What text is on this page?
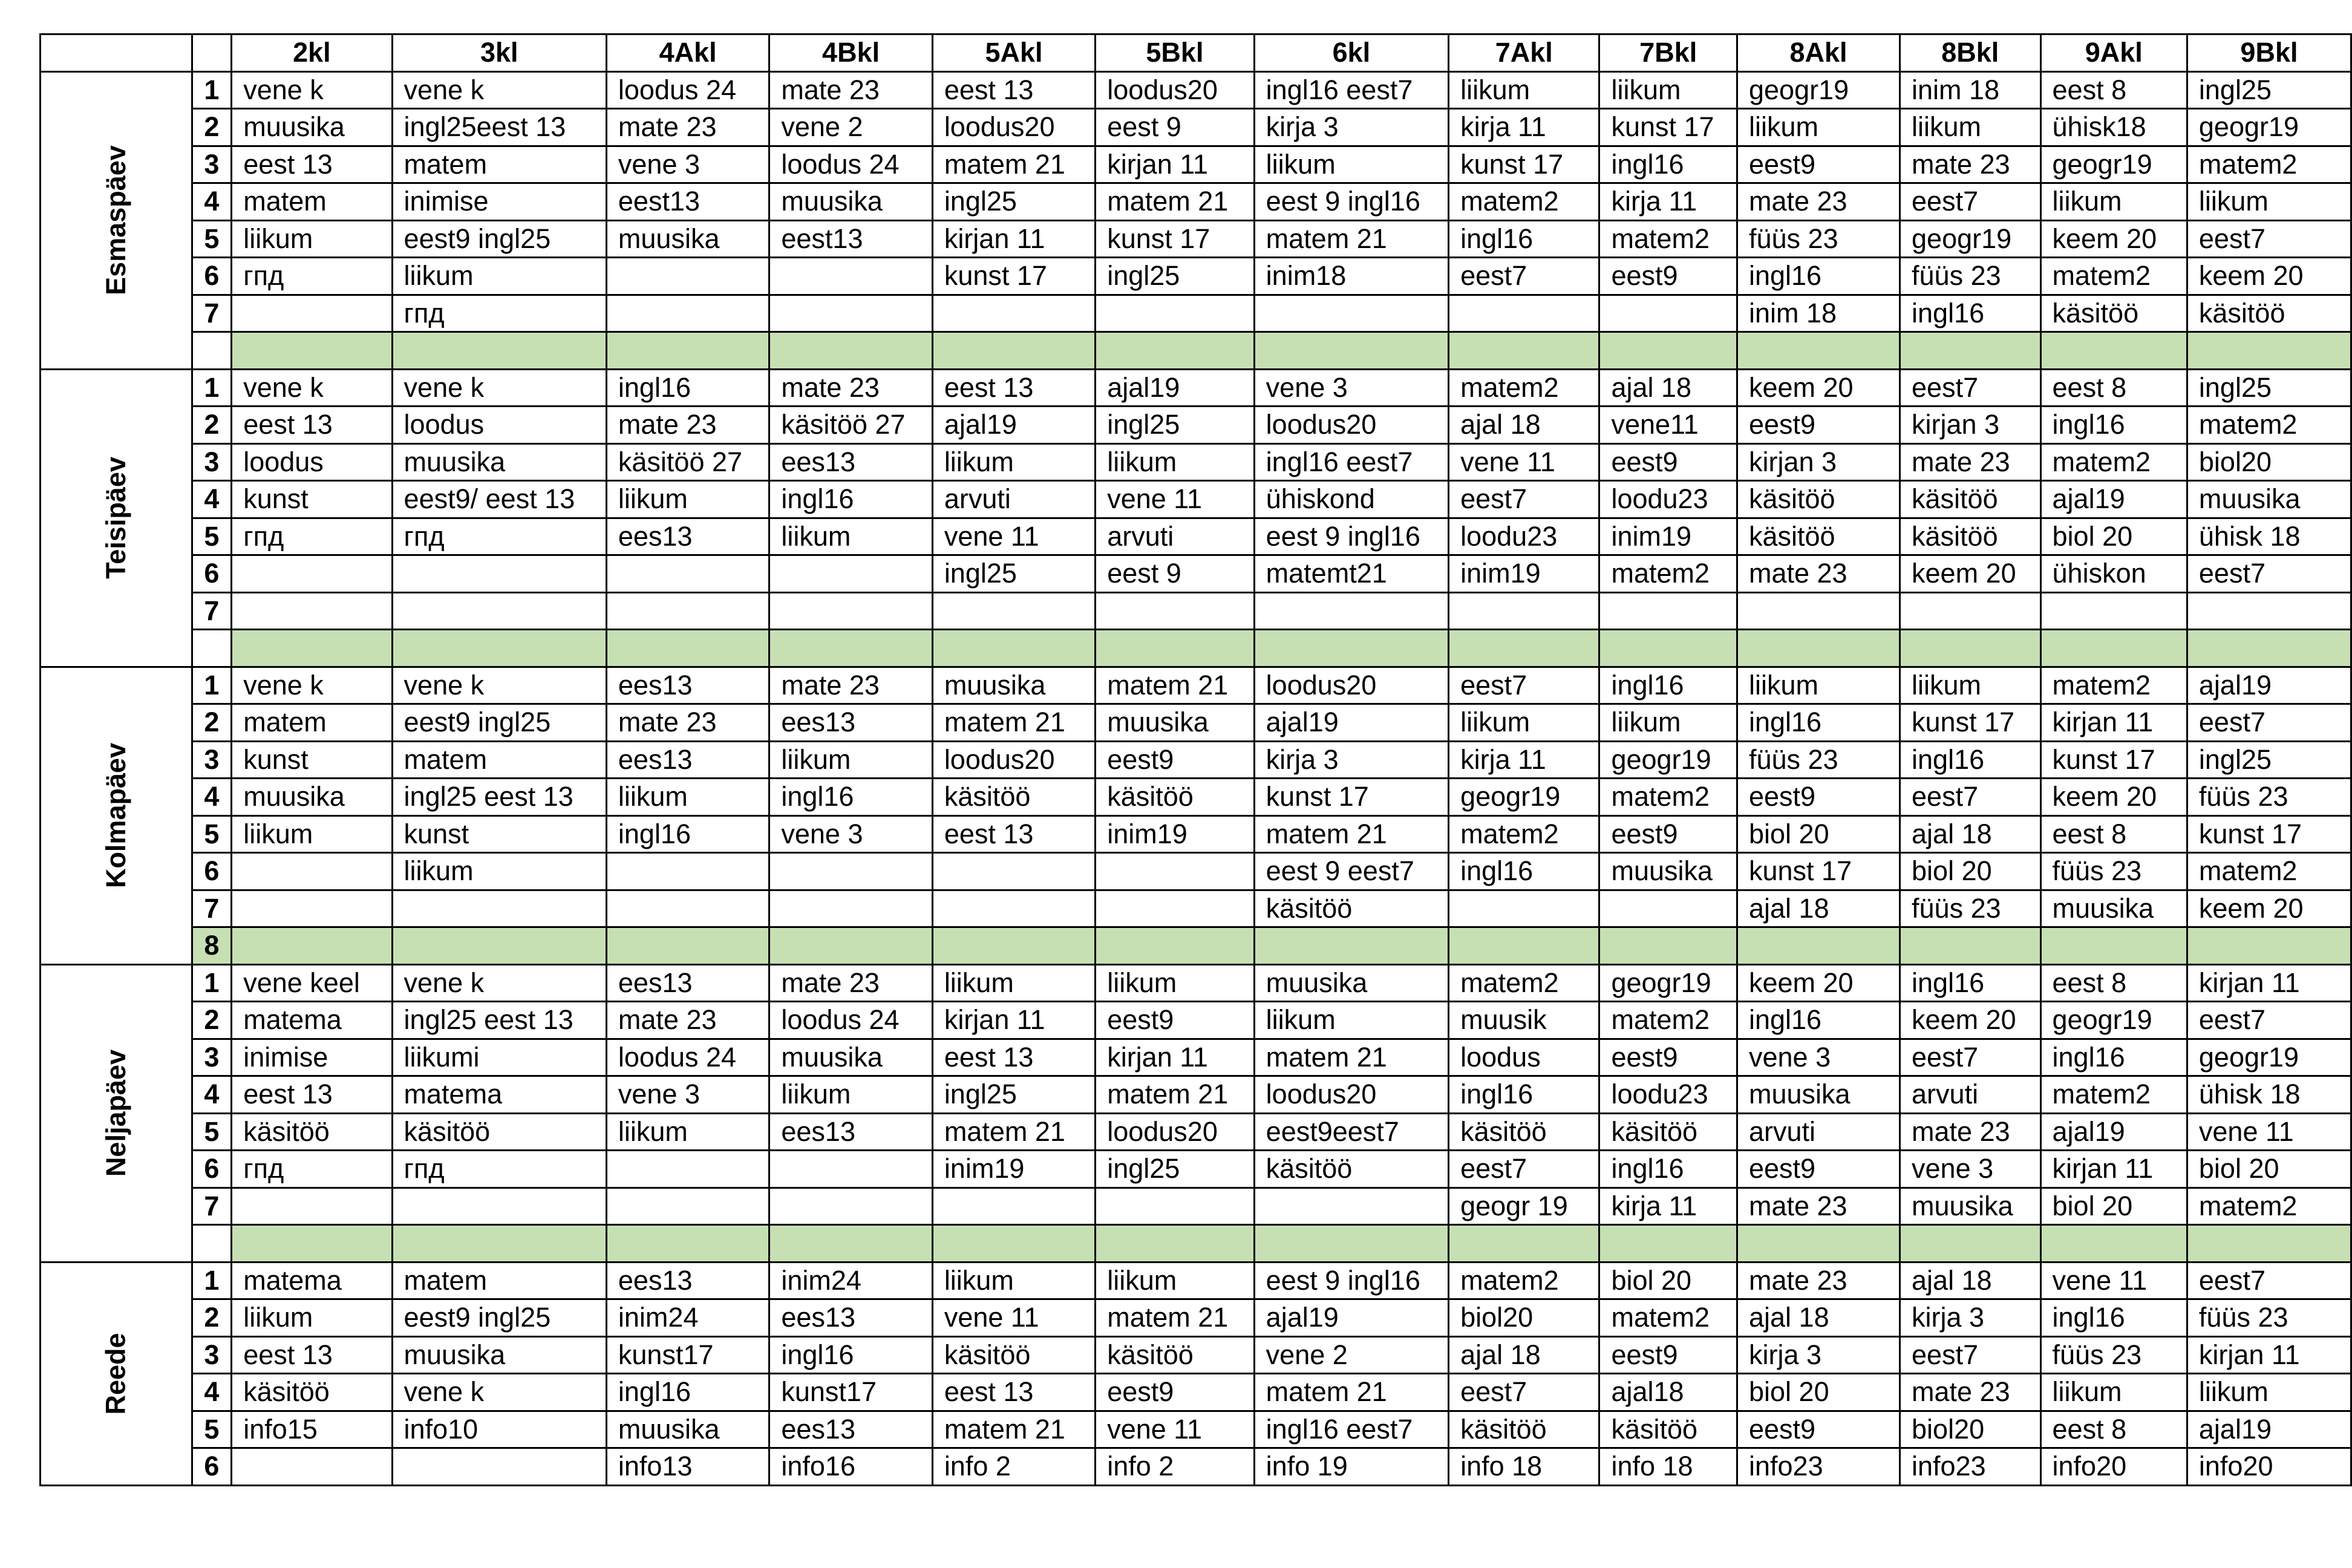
		2kl	3kl	4Akl	4Bkl	5Akl	5Bkl	6kl	7Akl	7Bkl	8Akl	8Bkl	9Akl	9Bkl
Esmaspäev	1	vene k	vene k	loodus 24	mate 23	eest 13	loodus20	ingl16 eest7	liikum	liikum	geogr19	inim 18	eest 8	ingl25
	2	muusika	ingl25eest 13	mate 23	vene 2	loodus20	eest 9	kirja 3	kirja 11	kunst 17	liikum	liikum	ühisk18	geogr19
	3	eest 13	matem	vene 3	loodus 24	matem 21	kirjan 11	liikum	kunst 17	ingl16	eest9	mate 23	geogr19	matem2
	4	matem	inimise	eest13	muusika	ingl25	matem 21	eest 9 ingl16	matem2	kirja 11	mate 23	eest7	liikum	liikum
	5	liikum	eest9 ingl25	muusika	eest13	kirjan 11	kunst 17	matem 21	ingl16	matem2	füüs 23	geogr19	keem 20	eest7
	6	гпд	liikum			kunst 17	ingl25	inim18	eest7	eest9	ingl16	füüs 23	matem2	keem 20
	7		гпд								inim 18	ingl16	käsitöö	käsitöö

Teisipäev	1	vene k	vene k	ingl16	mate 23	eest 13	ajal19	vene 3	matem2	ajal 18	keem 20	eest7	eest 8	ingl25
	2	eest 13	loodus	mate 23	käsitöö 27	ajal19	ingl25	loodus20	ajal 18	vene11	eest9	kirjan 3	ingl16	matem2
	3	loodus	muusika	käsitöö 27	ees13	liikum	liikum	ingl16 eest7	vene 11	eest9	kirjan 3	mate 23	matem2	biol20
	4	kunst	eest9/ eest 13	liikum	ingl16	arvuti	vene 11	ühiskond	eest7	loodu23	käsitöö	käsitöö	ajal19	muusika
	5	гпд	гпд	ees13	liikum	vene 11	arvuti	eest 9 ingl16	loodu23	inim19	käsitöö	käsitöö	biol 20	ühisk 18
	6					ingl25	eest 9	matemt21	inim19	matem2	mate 23	keem 20	ühiskon	eest7
	7													

Kolmapäev	1	vene k	vene k	ees13	mate 23	muusika	matem 21	loodus20	eest7	ingl16	liikum	liikum	matem2	ajal19
	2	matem	eest9 ingl25	mate 23	ees13	matem 21	muusika	ajal19	liikum	liikum	ingl16	kunst 17	kirjan 11	eest7
	3	kunst	matem	ees13	liikum	loodus20	eest9	kirja 3	kirja 11	geogr19	füüs 23	ingl16	kunst 17	ingl25
	4	muusika	ingl25 eest 13	liikum	ingl16	käsitöö	käsitöö	kunst 17	geogr19	matem2	eest9	eest7	keem 20	füüs 23
	5	liikum	kunst	ingl16	vene 3	eest 13	inim19	matem 21	matem2	eest9	biol 20	ajal 18	eest 8	kunst 17
	6		liikum					eest 9 eest7	ingl16	muusika	kunst 17	biol 20	füüs 23	matem2
	7							käsitöö			ajal 18	füüs 23	muusika	keem 20
	8													
Neljapäev	1	vene keel	vene k	ees13	mate 23	liikum	liikum	muusika	matem2	geogr19	keem 20	ingl16	eest 8	kirjan 11
	2	matema	ingl25 eest 13	mate 23	loodus 24	kirjan 11	eest9	liikum	muusik	matem2	ingl16	keem 20	geogr19	eest7
	3	inimise	liikumi	loodus 24	muusika	eest 13	kirjan 11	matem 21	loodus	eest9	vene 3	eest7	ingl16	geogr19
	4	eest 13	matema	vene 3	liikum	ingl25	matem 21	loodus20	ingl16	loodu23	muusika	arvuti	matem2	ühisk 18
	5	käsitöö	käsitöö	liikum	ees13	matem 21	loodus20	eest9eest7	käsitöö	käsitöö	arvuti	mate 23	ajal19	vene 11
	6	гпд	гпд			inim19	ingl25	käsitöö	eest7	ingl16	eest9	vene 3	kirjan 11	biol 20
	7								geogr 19	kirja 11	mate 23	muusika	biol 20	matem2

Reede	1	matema	matem	ees13	inim24	liikum	liikum	eest 9 ingl16	matem2	biol 20	mate 23	ajal 18	vene 11	eest7
	2	liikum	eest9 ingl25	inim24	ees13	vene 11	matem 21	ajal19	biol20	matem2	ajal 18	kirja 3	ingl16	füüs 23
	3	eest 13	muusika	kunst17	ingl16	käsitöö	käsitöö	vene 2	ajal 18	eest9	kirja 3	eest7	füüs 23	kirjan 11
	4	käsitöö	vene k	ingl16	kunst17	eest 13	eest9	matem 21	eest7	ajal18	biol 20	mate 23	liikum	liikum
	5	info15	info10	muusika	ees13	matem 21	vene 11	ingl16 eest7	käsitöö	käsitöö	eest9	biol20	eest 8	ajal19
	6			info13	info16	info 2	info 2	info 19	info 18	info 18	info23	info23	info20	info20
